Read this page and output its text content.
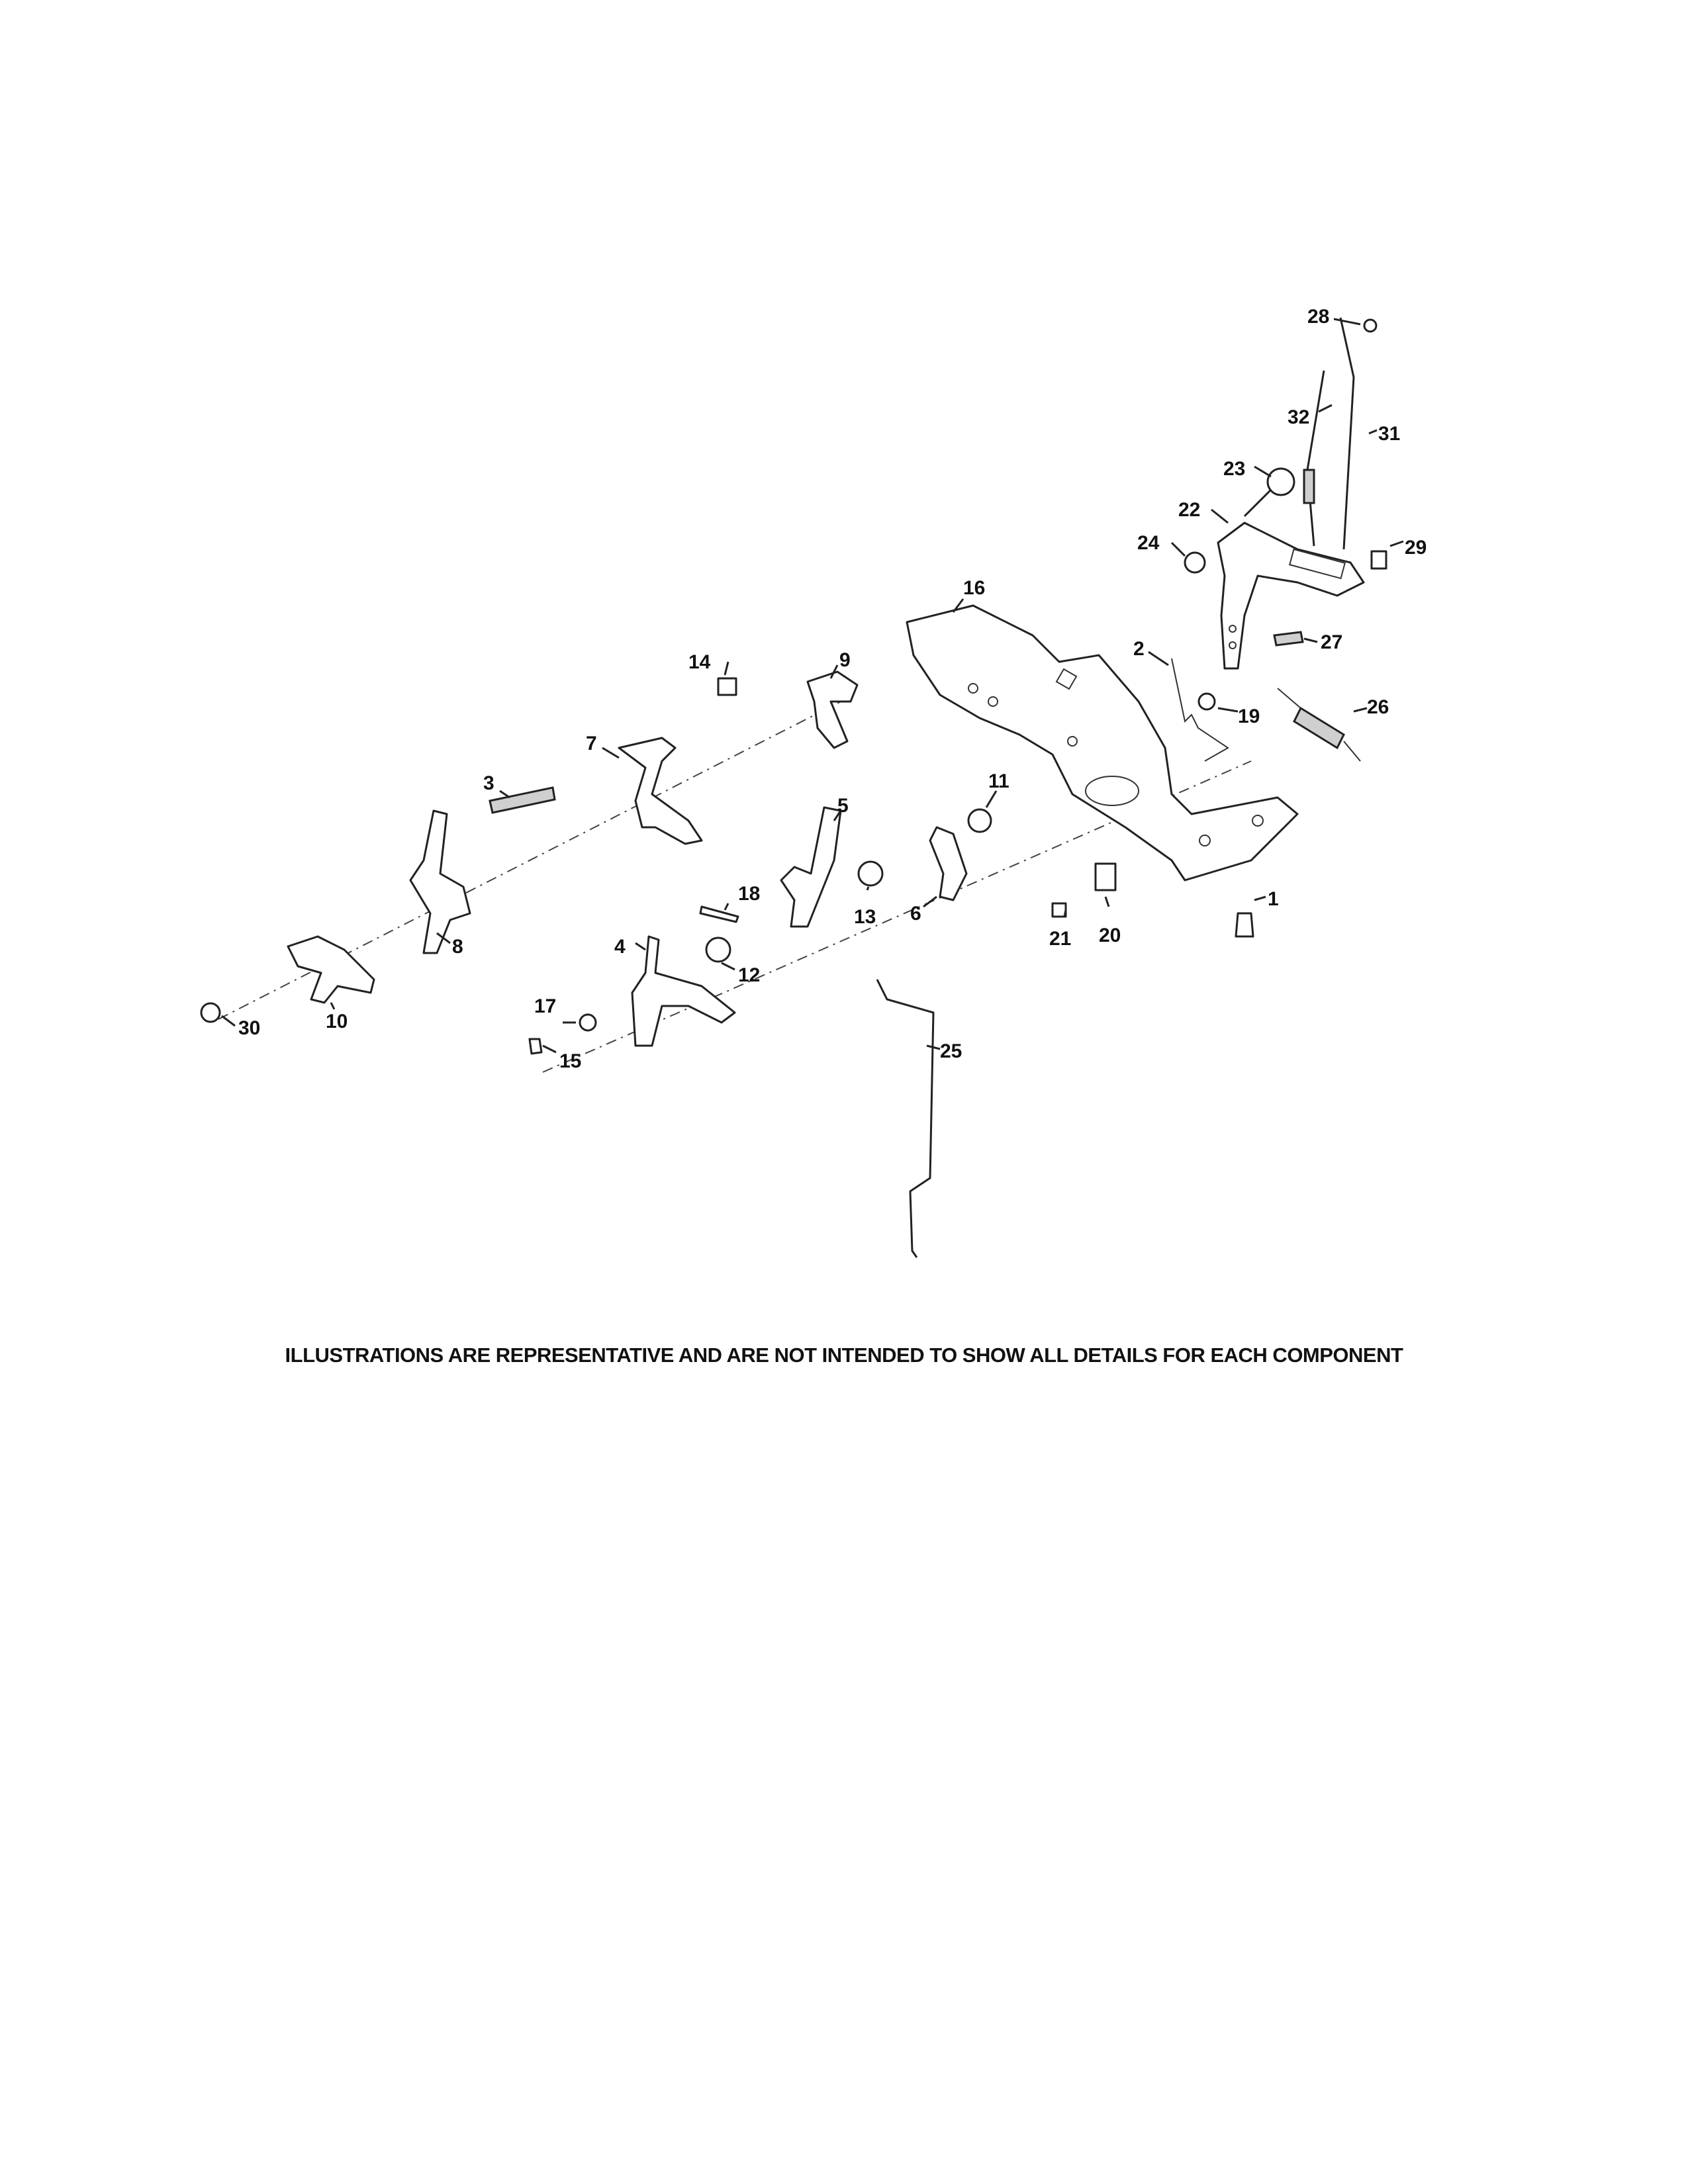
1
2
3
4
5
6
7
8
9
10
11
12
13
14
15
16
17
18
19
20
21
22
23
24
25
26
27
28
29
30
31
32
ILLUSTRATIONS ARE REPRESENTATIVE AND ARE NOT INTENDED TO SHOW ALL DETAILS FOR EACH COMPONENT
